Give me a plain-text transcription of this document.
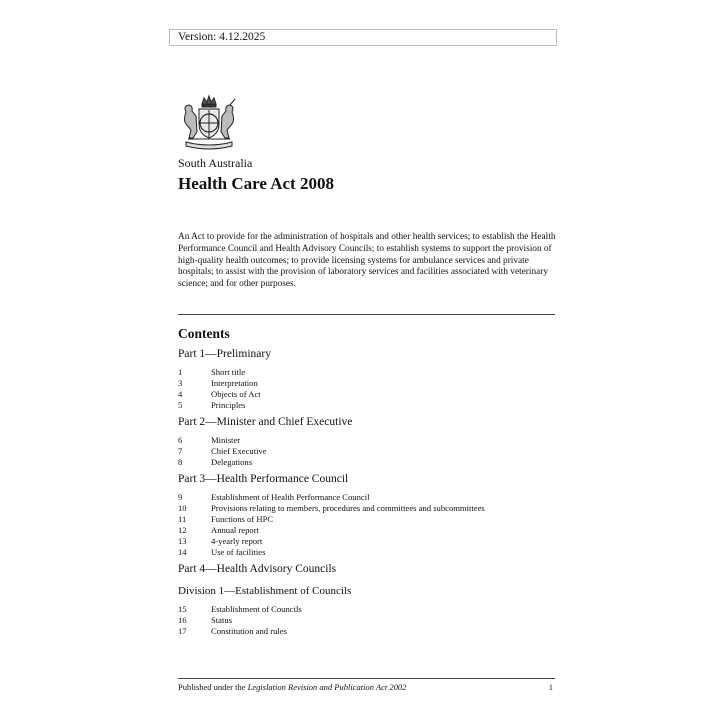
Version: 4.12.2025
South Australia
Health Care Act 2008
An Act to provide for the administration of hospitals and other health services; to establish the Health Performance Council and Health Advisory Councils; to establish systems to support the provision of high-quality health outcomes; to provide licensing systems for ambulance services and private hospitals; to assist with the provision of laboratory services and facilities associated with veterinary science; and for other purposes.
Contents
Part 1—Preliminary
1	Short title
3	Interpretation
4	Objects of Act
5	Principles
Part 2—Minister and Chief Executive
6	Minister
7	Chief Executive
8	Delegations
Part 3—Health Performance Council
9	Establishment of Health Performance Council
10	Provisions relating to members, procedures and committees and subcommittees
11	Functions of HPC
12	Annual report
13	4-yearly report
14	Use of facilities
Part 4—Health Advisory Councils
Division 1—Establishment of Councils
15	Establishment of Councils
16	Status
17	Constitution and rules
Published under the Legislation Revision and Publication Act 2002	1
